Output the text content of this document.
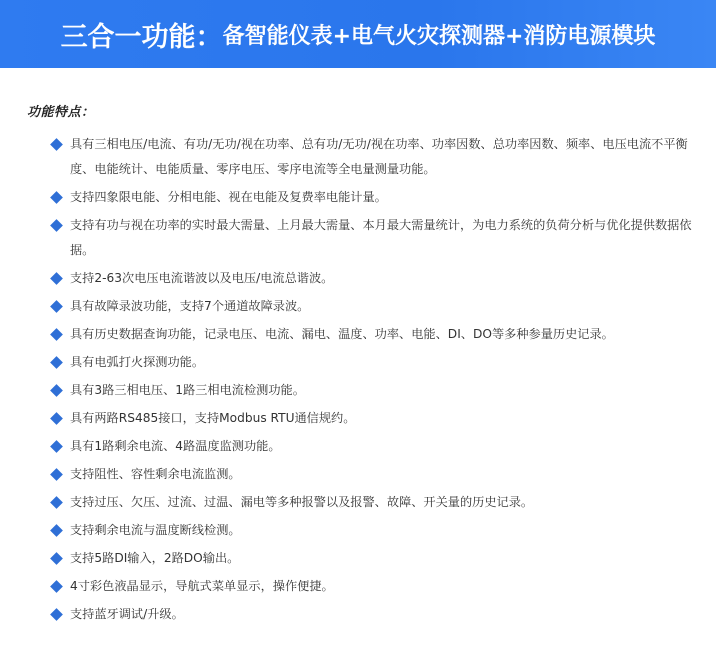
三合一功能： 备智能仪表+电气火灾探测器+消防电源模块
功能特点：
具有三相电压/电流、有功/无功/视在功率、总有功/无功/视在功率、功率因数、总功率因数、频率、电压电流不平衡度、电能统计、电能质量、零序电压、零序电流等全电量测量功能。
支持四象限电能、分相电能、视在电能及复费率电能计量。
支持有功与视在功率的实时最大需量、上月最大需量、本月最大需量统计，为电力系统的负荷分析与优化提供数据依据。
支持2-63次电压电流谐波以及电压/电流总谐波。
具有故障录波功能，支持7个通道故障录波。
具有历史数据查询功能，记录电压、电流、漏电、温度、功率、电能、DI、DO等多种参量历史记录。
具有电弧打火探测功能。
具有3路三相电压、1路三相电流检测功能。
具有两路RS485接口，支持Modbus RTU通信规约。
具有1路剩余电流、4路温度监测功能。
支持阻性、容性剩余电流监测。
支持过压、欠压、过流、过温、漏电等多种报警以及报警、故障、开关量的历史记录。
支持剩余电流与温度断线检测。
支持5路DI输入，2路DO输出。
4寸彩色液晶显示，导航式菜单显示，操作便捷。
支持蓝牙调试/升级。
